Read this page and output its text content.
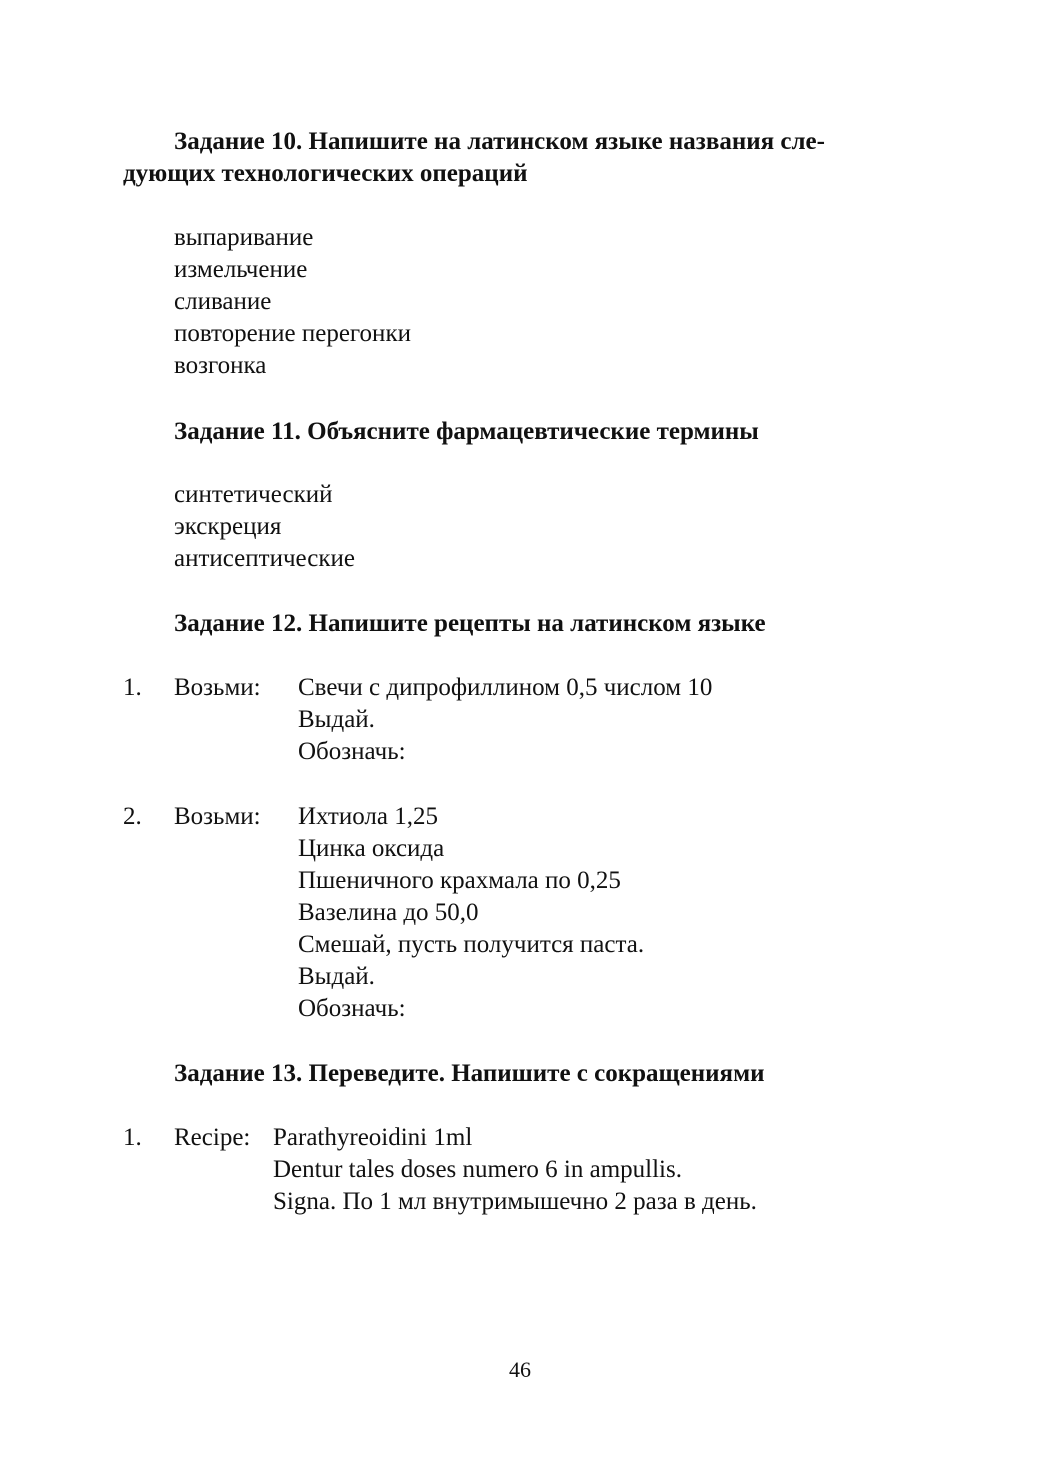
Задание 10. Напишите на латинском языке названия сле-

дующих технологических операций

выпаривание

измельчение

сливание

повторение перегонки

возгонка

Задание 11. Объясните фармацевтические термины

синтетический

экскреция

антисептические

Задание 12. Напишите рецепты на латинском языке

1. Возьми: Свечи с дипрофиллином 0,5 числом 10

Выдай.

Обозначь:

2. Возьми: Ихтиола 1,25

Цинка оксида

Пшеничного крахмала по 0,25

Вазелина до 50,0

Смешай, пусть получится паста.

Выдай.

Обозначь:

Задание 13. Переведите. Напишите с сокращениями

1. Recipe: Parathyreoidini 1ml

Dentur tales doses numero 6 in ampullis.

Signa. По 1 мл внутримышечно 2 раза в день.

46
